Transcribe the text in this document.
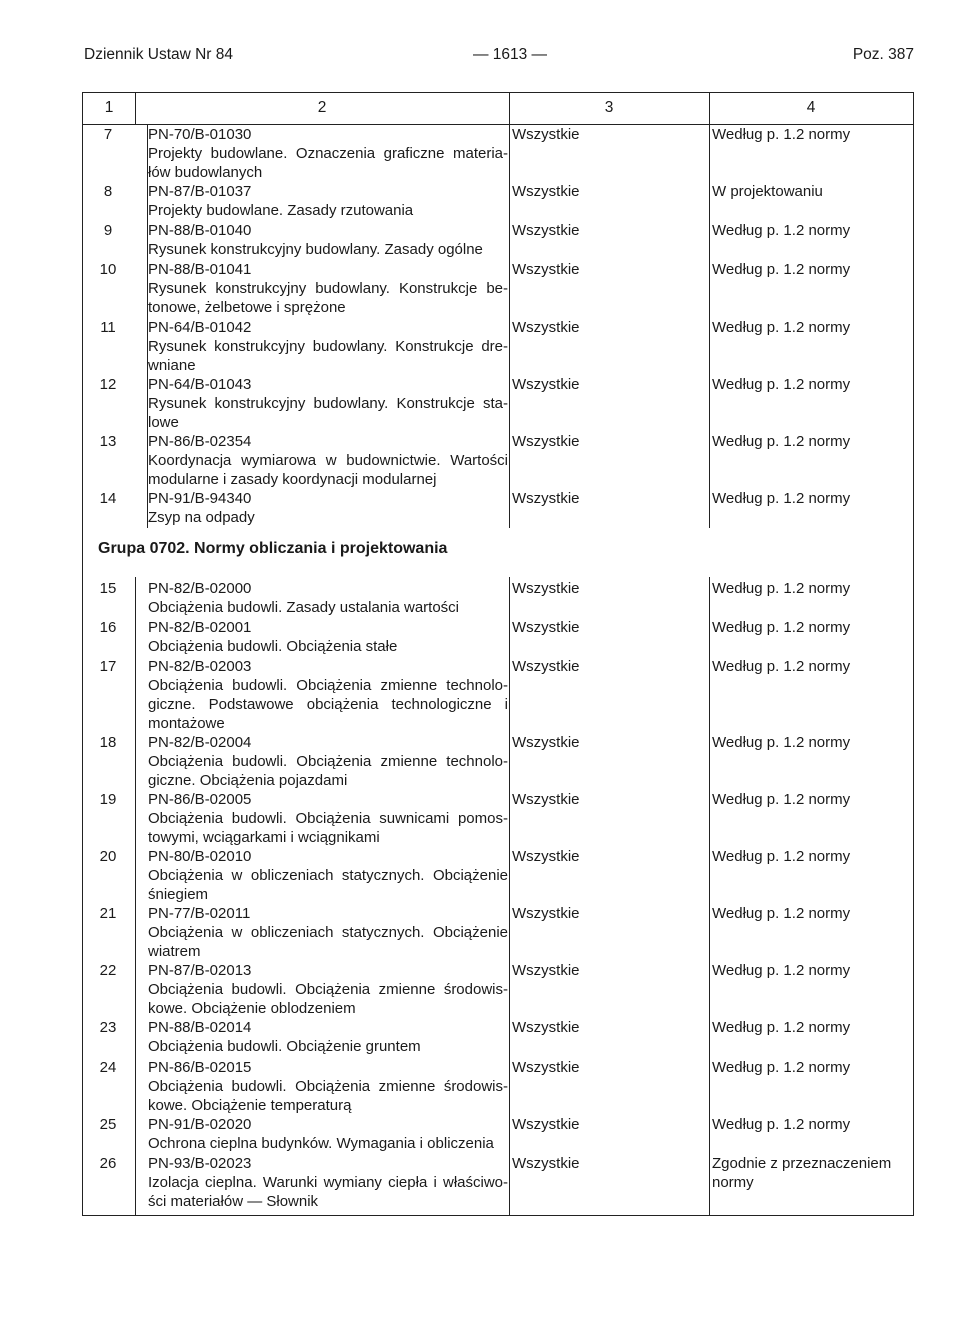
Dziennik Ustaw Nr 84	— 1613 —	Poz. 387
1	2	3	4
Grupa 0702. Normy obliczania i projektowania
7	PN-70/B-01030
Projekty budowlane. Oznaczenia graficzne materia-łów budowlanych
Wszystkie	Według p. 1.2 normy
8	PN-87/B-01037
Projekty budowlane. Zasady rzutowania
Wszystkie	W projektowaniu
9	PN-88/B-01040
Rysunek konstrukcyjny budowlany. Zasady ogólne
Wszystkie	Według p. 1.2 normy
10	PN-88/B-01041
Rysunek konstrukcyjny budowlany. Konstrukcje be-tonowe, żelbetowe i sprężone
Wszystkie	Według p. 1.2 normy
11	PN-64/B-01042
Rysunek konstrukcyjny budowlany. Konstrukcje dre-wniane
Wszystkie	Według p. 1.2 normy
12	PN-64/B-01043
Rysunek konstrukcyjny budowlany. Konstrukcje sta-lowe
Wszystkie	Według p. 1.2 normy
13	PN-86/B-02354
Koordynacja wymiarowa w budownictwie. Wartości modularne i zasady koordynacji modularnej
Wszystkie	Według p. 1.2 normy
14	PN-91/B-94340
Zsyp na odpady
Wszystkie	Według p. 1.2 normy
15	PN-82/B-02000
Obciążenia budowli. Zasady ustalania wartości
Wszystkie	Według p. 1.2 normy
16	PN-82/B-02001
Obciążenia budowli. Obciążenia stałe
Wszystkie	Według p. 1.2 normy
17	PN-82/B-02003
Obciążenia budowli. Obciążenia zmienne technolo-giczne. Podstawowe obciążenia technologiczne i montażowe
Wszystkie	Według p. 1.2 normy
18	PN-82/B-02004
Obciążenia budowli. Obciążenia zmienne technolo-giczne. Obciążenia pojazdami
Wszystkie	Według p. 1.2 normy
19	PN-86/B-02005
Obciążenia budowli. Obciążenia suwnicami pomos-towymi, wciągarkami i wciągnikami
Wszystkie	Według p. 1.2 normy
20	PN-80/B-02010
Obciążenia w obliczeniach statycznych. Obciążenie śniegiem
Wszystkie	Według p. 1.2 normy
21	PN-77/B-02011
Obciążenia w obliczeniach statycznych. Obciążenie wiatrem
Wszystkie	Według p. 1.2 normy
22	PN-87/B-02013
Obciążenia budowli. Obciążenia zmienne środowis-kowe. Obciążenie oblodzeniem
Wszystkie	Według p. 1.2 normy
23	PN-88/B-02014
Obciążenia budowli. Obciążenie gruntem
Wszystkie	Według p. 1.2 normy
24	PN-86/B-02015
Obciążenia budowli. Obciążenia zmienne środowis-kowe. Obciążenie temperaturą
Wszystkie	Według p. 1.2 normy
25	PN-91/B-02020
Ochrona cieplna budynków. Wymagania i obliczenia
Wszystkie	Według p. 1.2 normy
26	PN-93/B-02023
Izolacja cieplna. Warunki wymiany ciepła i właściwo-ści materiałów — Słownik
Wszystkie	Zgodnie z przeznaczeniem normy
